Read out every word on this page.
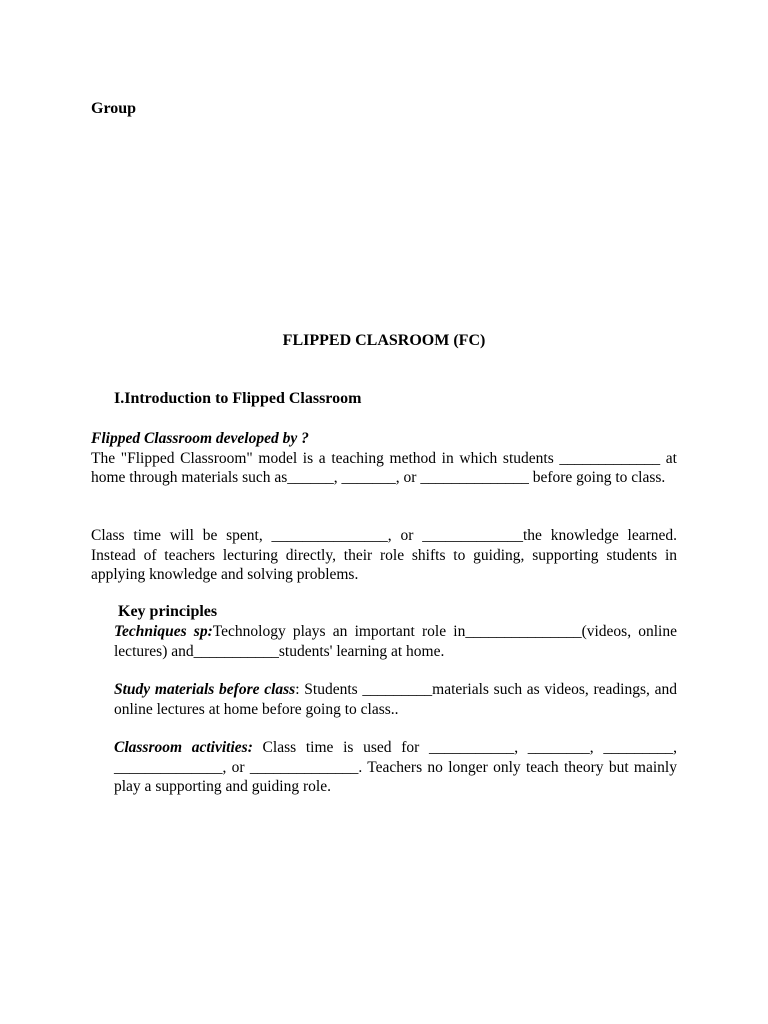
Group
FLIPPED CLASROOM (FC)
I.Introduction to Flipped Classroom

Flipped Classroom developed by ?
The "Flipped Classroom" model is a teaching method in which students _____________ at home through materials such as______, _______, or ______________ before going to class.

Class time will be spent, _______________, or _____________the knowledge learned. Instead of teachers lecturing directly, their role shifts to guiding, supporting students in applying knowledge and solving problems.

Key principles
Techniques sp:Technology plays an important role in_______________(videos, online lectures) and___________students' learning at home.
Study materials before class: Students _________materials such as videos, readings, and online lectures at home before going to class..
Classroom activities: Class time is used for ___________, ________, _________, ______________, or ______________. Teachers no longer only teach theory but mainly play a supporting and guiding role.
